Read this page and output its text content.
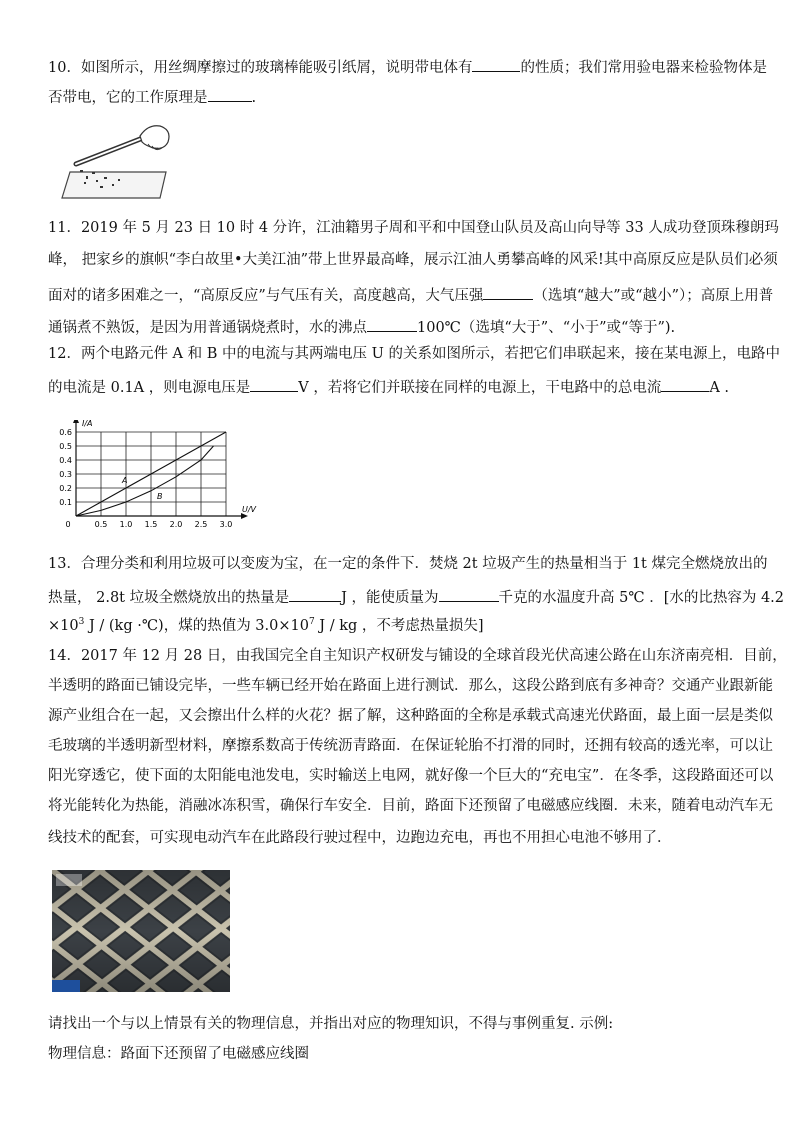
10．如图所示，用丝绸摩擦过的玻璃棒能吸引纸屑，说明带电体有	的性质；我们常用验电器来检验物体是
否带电，它的工作原理是	.
11．2019 年 5 月 23 日 10 时 4 分许，江油籍男子周和平和中国登山队员及高山向导等 33 人成功登顶珠穆朗玛
峰， 把家乡的旗帜“李白故里•大美江油”带上世界最高峰，展示江油人勇攀高峰的风采!其中高原反应是队员们必须
面对的诸多困难之一，“高原反应”与气压有关，高度越高，大气压强	（选填“越大”或“越小”）；高原上用普
通锅煮不熟饭，是因为用普通锅烧煮时，水的沸点	100℃（选填“大于”、“小于”或“等于”).
12．两个电路元件 A 和 B 中的电流与其两端电压 U 的关系如图所示，若把它们串联起来，接在某电源上，电路中
的电流是 0.1A ，则电源电压是	V ，若将它们并联接在同样的电源上，干电路中的总电流	A .
U/V
I/A
0	0.5 1.0 1.5 2.0 2.5 3.0
0.1
0.2
0.3
0.4
0.5
0.6
A
B
13．合理分类和利用垃圾可以变废为宝，在一定的条件下．焚烧 2t 垃圾产生的热量相当于 1t 煤完全燃烧放出的
热量， 2.8t 垃圾全燃烧放出的热量是	J ，能使质量为	千克的水温度升高 5℃ ．[水的比热容为 4.2
$\times 10^3$ J / (kg ·℃)，煤的热值为 $3.0\times 10^7$ J / kg ，不考虑热量损失]
14．2017 年 12 月 28 日，由我国完全自主知识产权研发与铺设的全球首段光伏高速公路在山东济南亮相．目前，
半透明的路面已铺设完毕，一些车辆已经开始在路面上进行测试．那么，这段公路到底有多神奇？交通产业跟新能
源产业组合在一起，又会擦出什么样的火花？据了解，这种路面的全称是承载式高速光伏路面，最上面一层是类似
毛玻璃的半透明新型材料，摩擦系数高于传统沥青路面．在保证轮胎不打滑的同时，还拥有较高的透光率，可以让
阳光穿透它，使下面的太阳能电池发电，实时输送上电网，就好像一个巨大的“充电宝”．在冬季，这段路面还可以
将光能转化为热能，消融冰冻积雪，确保行车安全．目前，路面下还预留了电磁感应线圈．未来，随着电动汽车无
线技术的配套，可实现电动汽车在此路段行驶过程中，边跑边充电，再也不用担心电池不够用了．
请找出一个与以上情景有关的物理信息，并指出对应的物理知识，不得与事例重复. 示例:
物理信息：路面下还预留了电磁感应线圈
